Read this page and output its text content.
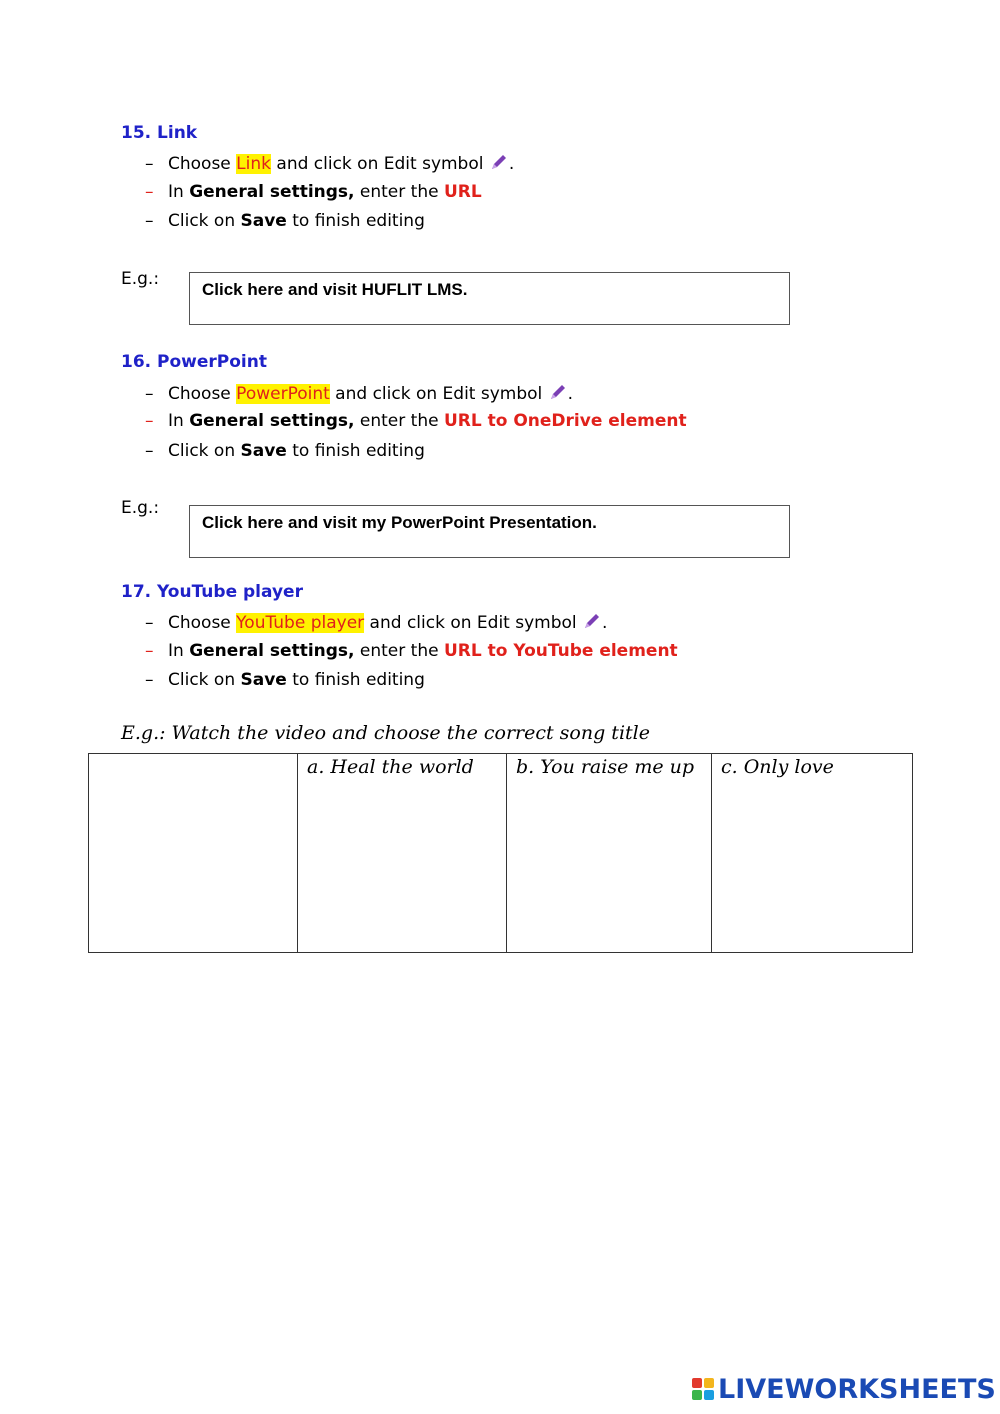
15. Link
– Choose Link and click on Edit symbol .
– In General settings, enter the URL
– Click on Save to finish editing
E.g.:
Click here and visit HUFLIT LMS.
16. PowerPoint
– Choose PowerPoint and click on Edit symbol .
– In General settings, enter the URL to OneDrive element
– Click on Save to finish editing
E.g.:
Click here and visit my PowerPoint Presentation.
17. YouTube player
– Choose YouTube player and click on Edit symbol .
– In General settings, enter the URL to YouTube element
– Click on Save to finish editing
E.g.: Watch the video and choose the correct song title
	a. Heal the world	b. You raise me up	c. Only love
LIVEWORKSHEETS
